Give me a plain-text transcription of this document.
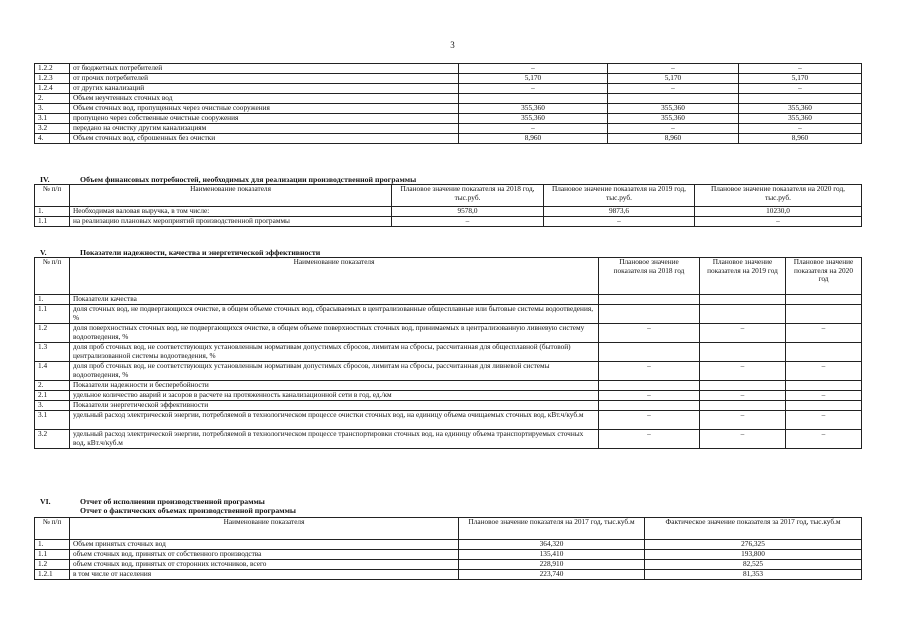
3
1.2.2	от бюджетных потребителей	–	–	–
1.2.3	от прочих потребителей	5,170	5,170	5,170
1.2.4	от других канализаций	–	–	–
2.	Объем неучтенных сточных вод			
3.	Объем сточных вод, пропущенных через очистные сооружения	355,360	355,360	355,360
3.1	пропущено через собственные очистные сооружения	355,360	355,360	355,360
3.2	передано на очистку другим канализациям	–	–	–
4.	Объем сточных вод, сброшенных без очистки	8,960	8,960	8,960
IV.	Объем финансовых потребностей, необходимых для реализации производственной программы
№ п/п	Наименование показателя	Плановое значение показателя на 2018 год, тыс.руб.	Плановое значение показателя на 2019 год, тыс.руб.	Плановое значение показателя на 2020 год, тыс.руб.
1.	Необходимая валовая выручка, в том числе:	9578,0	9873,6	10230,0
1.1	на реализацию плановых мероприятий производственной программы	–	–	–
V.	Показатели надежности, качества и энергетической эффективности
№ п/п	Наименование показателя	Плановое значение показателя на 2018 год	Плановое значение показателя на 2019 год	Плановое значение показателя на 2020 год
1.	Показатели качества			
1.1	доля сточных вод, не подвергающихся очистке, в общем объеме сточных вод, сбрасываемых в централизованные общесплавные или бытовые системы водоотведения, %			
1.2	доля поверхностных сточных вод, не подвергающихся очистке, в общем объеме поверхностных сточных вод, принимаемых в централизованную ливневую систему водоотведения, %	–	–	–
1.3	доля проб сточных вод, не соответствующих установленным нормативам допустимых сбросов, лимитам на сбросы, рассчитанная для общесплавной (бытовой) централизованной системы водоотведения, %			
1.4	доля проб сточных вод, не соответствующих установленным нормативам допустимых сбросов, лимитам на сбросы, рассчитанная для ливневой системы водоотведения, %	–	–	–
2.	Показатели надежности и бесперебойности			
2.1	удельное количество аварий и засоров в расчете на протяженность канализационной сети в год, ед./км	–	–	–
3.	Показатели энергетической эффективности			
3.1	удельный расход электрической энергии, потребляемой в технологическом процессе очистки сточных вод, на единицу объема очищаемых сточных вод, кВт.ч/куб.м	–	–	–
3.2	удельный расход электрической энергии, потребляемой в технологическом процессе транспортировки сточных вод, на единицу объема транспортируемых сточных вод, кВт.ч/куб.м	–	–	–
VI.	Отчет об исполнении производственной программы
Отчет о фактических объемах производственной программы
№ п/п	Наименование показателя	Плановое значение показателя на 2017 год, тыс.куб.м	Фактическое значение показателя за 2017 год, тыс.куб.м
1.	Объем принятых сточных вод	364,320	276,325
1.1	объем сточных вод, принятых от собственного производства	135,410	193,800
1.2	объем сточных вод, принятых от сторонних источников, всего	228,910	82,525
1.2.1	в том числе от населения	223,740	81,353
